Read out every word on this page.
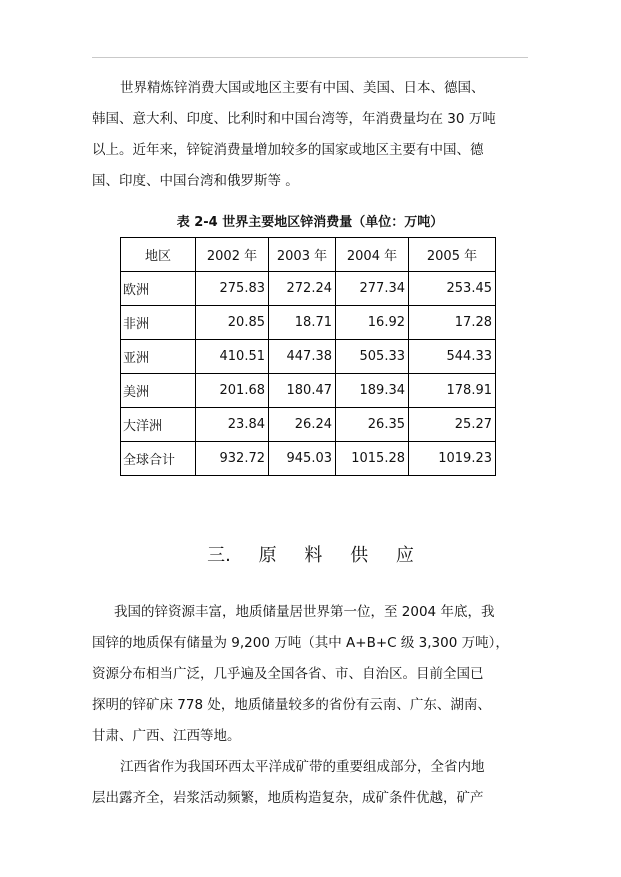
世界精炼锌消费大国或地区主要有中国、美国、日本、德国、
韩国、意大利、印度、比利时和中国台湾等，年消费量均在 30 万吨
以上。近年来，锌锭消费量增加较多的国家或地区主要有中国、德
国、印度、中国台湾和俄罗斯等 。

表 2-4 世界主要地区锌消费量（单位：万吨）

地区	2002 年	2003 年	2004 年	2005 年
欧洲	275.83	272.24	277.34	253.45
非洲	20.85	18.71	16.92	17.28
亚洲	410.51	447.38	505.33	544.33
美洲	201.68	180.47	189.34	178.91
大洋洲	23.84	26.24	26.35	25.27
全球合计	932.72	945.03	1015.28	1019.23

三. 原 料 供 应

我国的锌资源丰富，地质储量居世界第一位，至 2004 年底，我
国锌的地质保有储量为 9,200 万吨（其中 A+B+C 级 3,300 万吨），
资源分布相当广泛，几乎遍及全国各省、市、自治区。目前全国已
探明的锌矿床 778 处，地质储量较多的省份有云南、广东、湖南、
甘肃、广西、江西等地。

江西省作为我国环西太平洋成矿带的重要组成部分，全省内地
层出露齐全，岩浆活动频繁，地质构造复杂，成矿条件优越，矿产
